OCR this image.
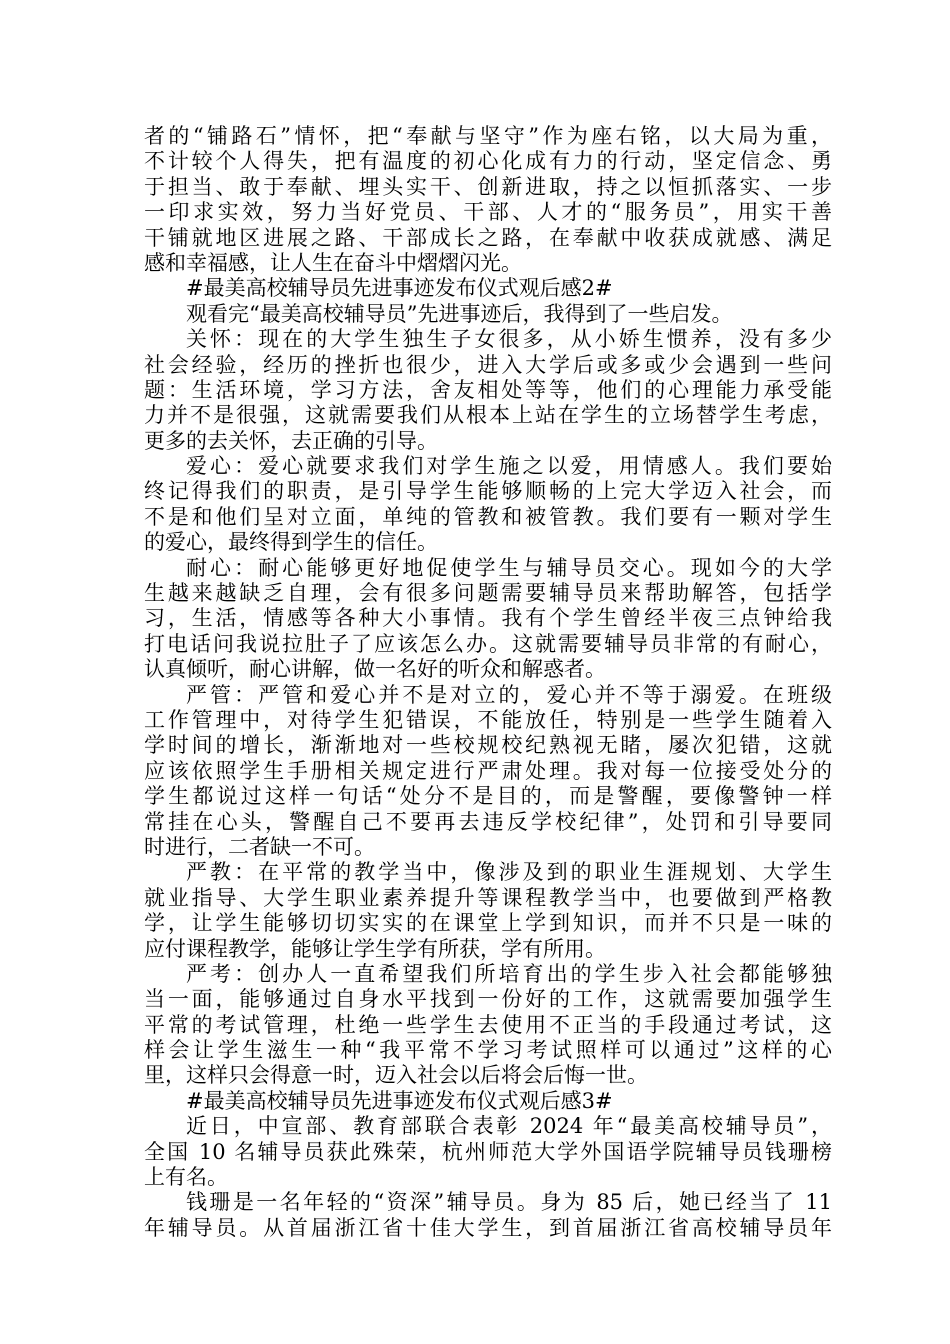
者的“铺路石”情怀，把“奉献与坚守”作为座右铭，以大局为重，
不计较个人得失，把有温度的初心化成有力的行动，坚定信念、勇
于担当、敢于奉献、埋头实干、创新进取，持之以恒抓落实、一步
一印求实效，努力当好党员、干部、人才的“服务员”，用实干善
干铺就地区进展之路、干部成长之路，在奉献中收获成就感、满足
感和幸福感，让人生在奋斗中熠熠闪光。
#最美高校辅导员先进事迹发布仪式观后感2#
观看完“最美高校辅导员”先进事迹后，我得到了一些启发。
关怀：现在的大学生独生子女很多，从小娇生惯养，没有多少
社会经验，经历的挫折也很少，进入大学后或多或少会遇到一些问
题：生活环境，学习方法，舍友相处等等，他们的心理能力承受能
力并不是很强，这就需要我们从根本上站在学生的立场替学生考虑，
更多的去关怀，去正确的引导。
爱心：爱心就要求我们对学生施之以爱，用情感人。我们要始
终记得我们的职责，是引导学生能够顺畅的上完大学迈入社会，而
不是和他们呈对立面，单纯的管教和被管教。我们要有一颗对学生
的爱心，最终得到学生的信任。
耐心：耐心能够更好地促使学生与辅导员交心。现如今的大学
生越来越缺乏自理，会有很多问题需要辅导员来帮助解答，包括学
习，生活，情感等各种大小事情。我有个学生曾经半夜三点钟给我
打电话问我说拉肚子了应该怎么办。这就需要辅导员非常的有耐心，
认真倾听，耐心讲解，做一名好的听众和解惑者。
严管：严管和爱心并不是对立的，爱心并不等于溺爱。在班级
工作管理中，对待学生犯错误，不能放任，特别是一些学生随着入
学时间的增长，渐渐地对一些校规校纪熟视无睹，屡次犯错，这就
应该依照学生手册相关规定进行严肃处理。我对每一位接受处分的
学生都说过这样一句话“处分不是目的，而是警醒，要像警钟一样
常挂在心头，警醒自己不要再去违反学校纪律”，处罚和引导要同
时进行，二者缺一不可。
严教：在平常的教学当中，像涉及到的职业生涯规划、大学生
就业指导、大学生职业素养提升等课程教学当中，也要做到严格教
学，让学生能够切切实实的在课堂上学到知识，而并不只是一味的
应付课程教学，能够让学生学有所获，学有所用。
严考：创办人一直希望我们所培育出的学生步入社会都能够独
当一面，能够通过自身水平找到一份好的工作，这就需要加强学生
平常的考试管理，杜绝一些学生去使用不正当的手段通过考试，这
样会让学生滋生一种“我平常不学习考试照样可以通过”这样的心
里，这样只会得意一时，迈入社会以后将会后悔一世。
#最美高校辅导员先进事迹发布仪式观后感3#
近日，中宣部、教育部联合表彰 2024 年“最美高校辅导员”，
全国 10 名辅导员获此殊荣，杭州师范大学外国语学院辅导员钱珊榜
上有名。
钱珊是一名年轻的“资深”辅导员。身为 85 后，她已经当了 11
年辅导员。从首届浙江省十佳大学生，到首届浙江省高校辅导员年
